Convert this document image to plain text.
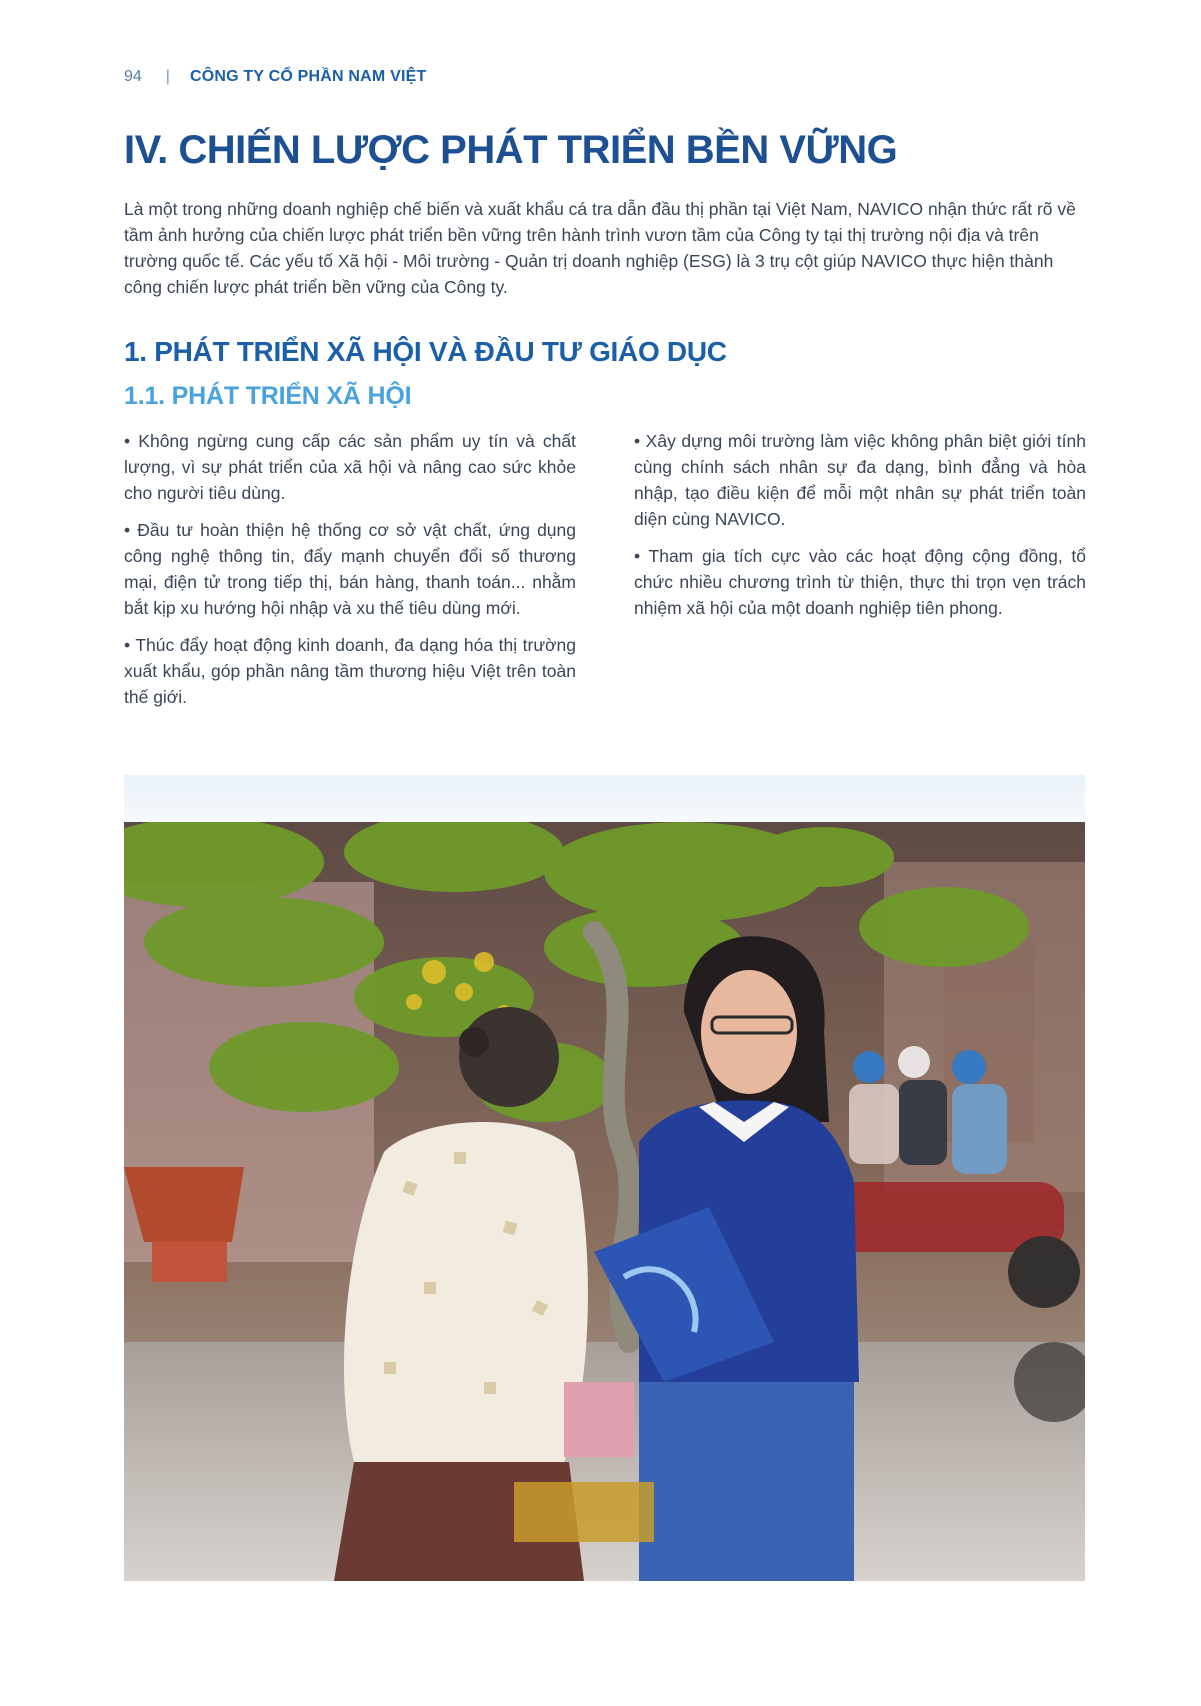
94 | CÔNG TY CỔ PHẦN NAM VIỆT
IV. CHIẾN LƯỢC PHÁT TRIỂN BỀN VỮNG

Là một trong những doanh nghiệp chế biến và xuất khẩu cá tra dẫn đầu thị phần tại Việt Nam, NAVICO nhận thức rất rõ về tầm ảnh hưởng của chiến lược phát triển bền vững trên hành trình vươn tầm của Công ty tại thị trường nội địa và trên trường quốc tế. Các yếu tố Xã hội - Môi trường - Quản trị doanh nghiệp (ESG) là 3 trụ cột giúp NAVICO thực hiện thành công chiến lược phát triển bền vững của Công ty.

1. PHÁT TRIỂN XÃ HỘI VÀ ĐẦU TƯ GIÁO DỤC
1.1. PHÁT TRIỂN XÃ HỘI

• Không ngừng cung cấp các sản phẩm uy tín và chất lượng, vì sự phát triển của xã hội và nâng cao sức khỏe cho người tiêu dùng.

• Đầu tư hoàn thiện hệ thống cơ sở vật chất, ứng dụng công nghệ thông tin, đẩy mạnh chuyển đổi số thương mại, điện tử trong tiếp thị, bán hàng, thanh toán... nhằm bắt kịp xu hướng hội nhập và xu thế tiêu dùng mới.

• Thúc đẩy hoạt động kinh doanh, đa dạng hóa thị trường xuất khẩu, góp phần nâng tầm thương hiệu Việt trên toàn thế giới.

• Xây dựng môi trường làm việc không phân biệt giới tính cùng chính sách nhân sự đa dạng, bình đẳng và hòa nhập, tạo điều kiện để mỗi một nhân sự phát triển toàn diện cùng NAVICO.

• Tham gia tích cực vào các hoạt động cộng đồng, tổ chức nhiều chương trình từ thiện, thực thi trọn vẹn trách nhiệm xã hội của một doanh nghiệp tiên phong.
